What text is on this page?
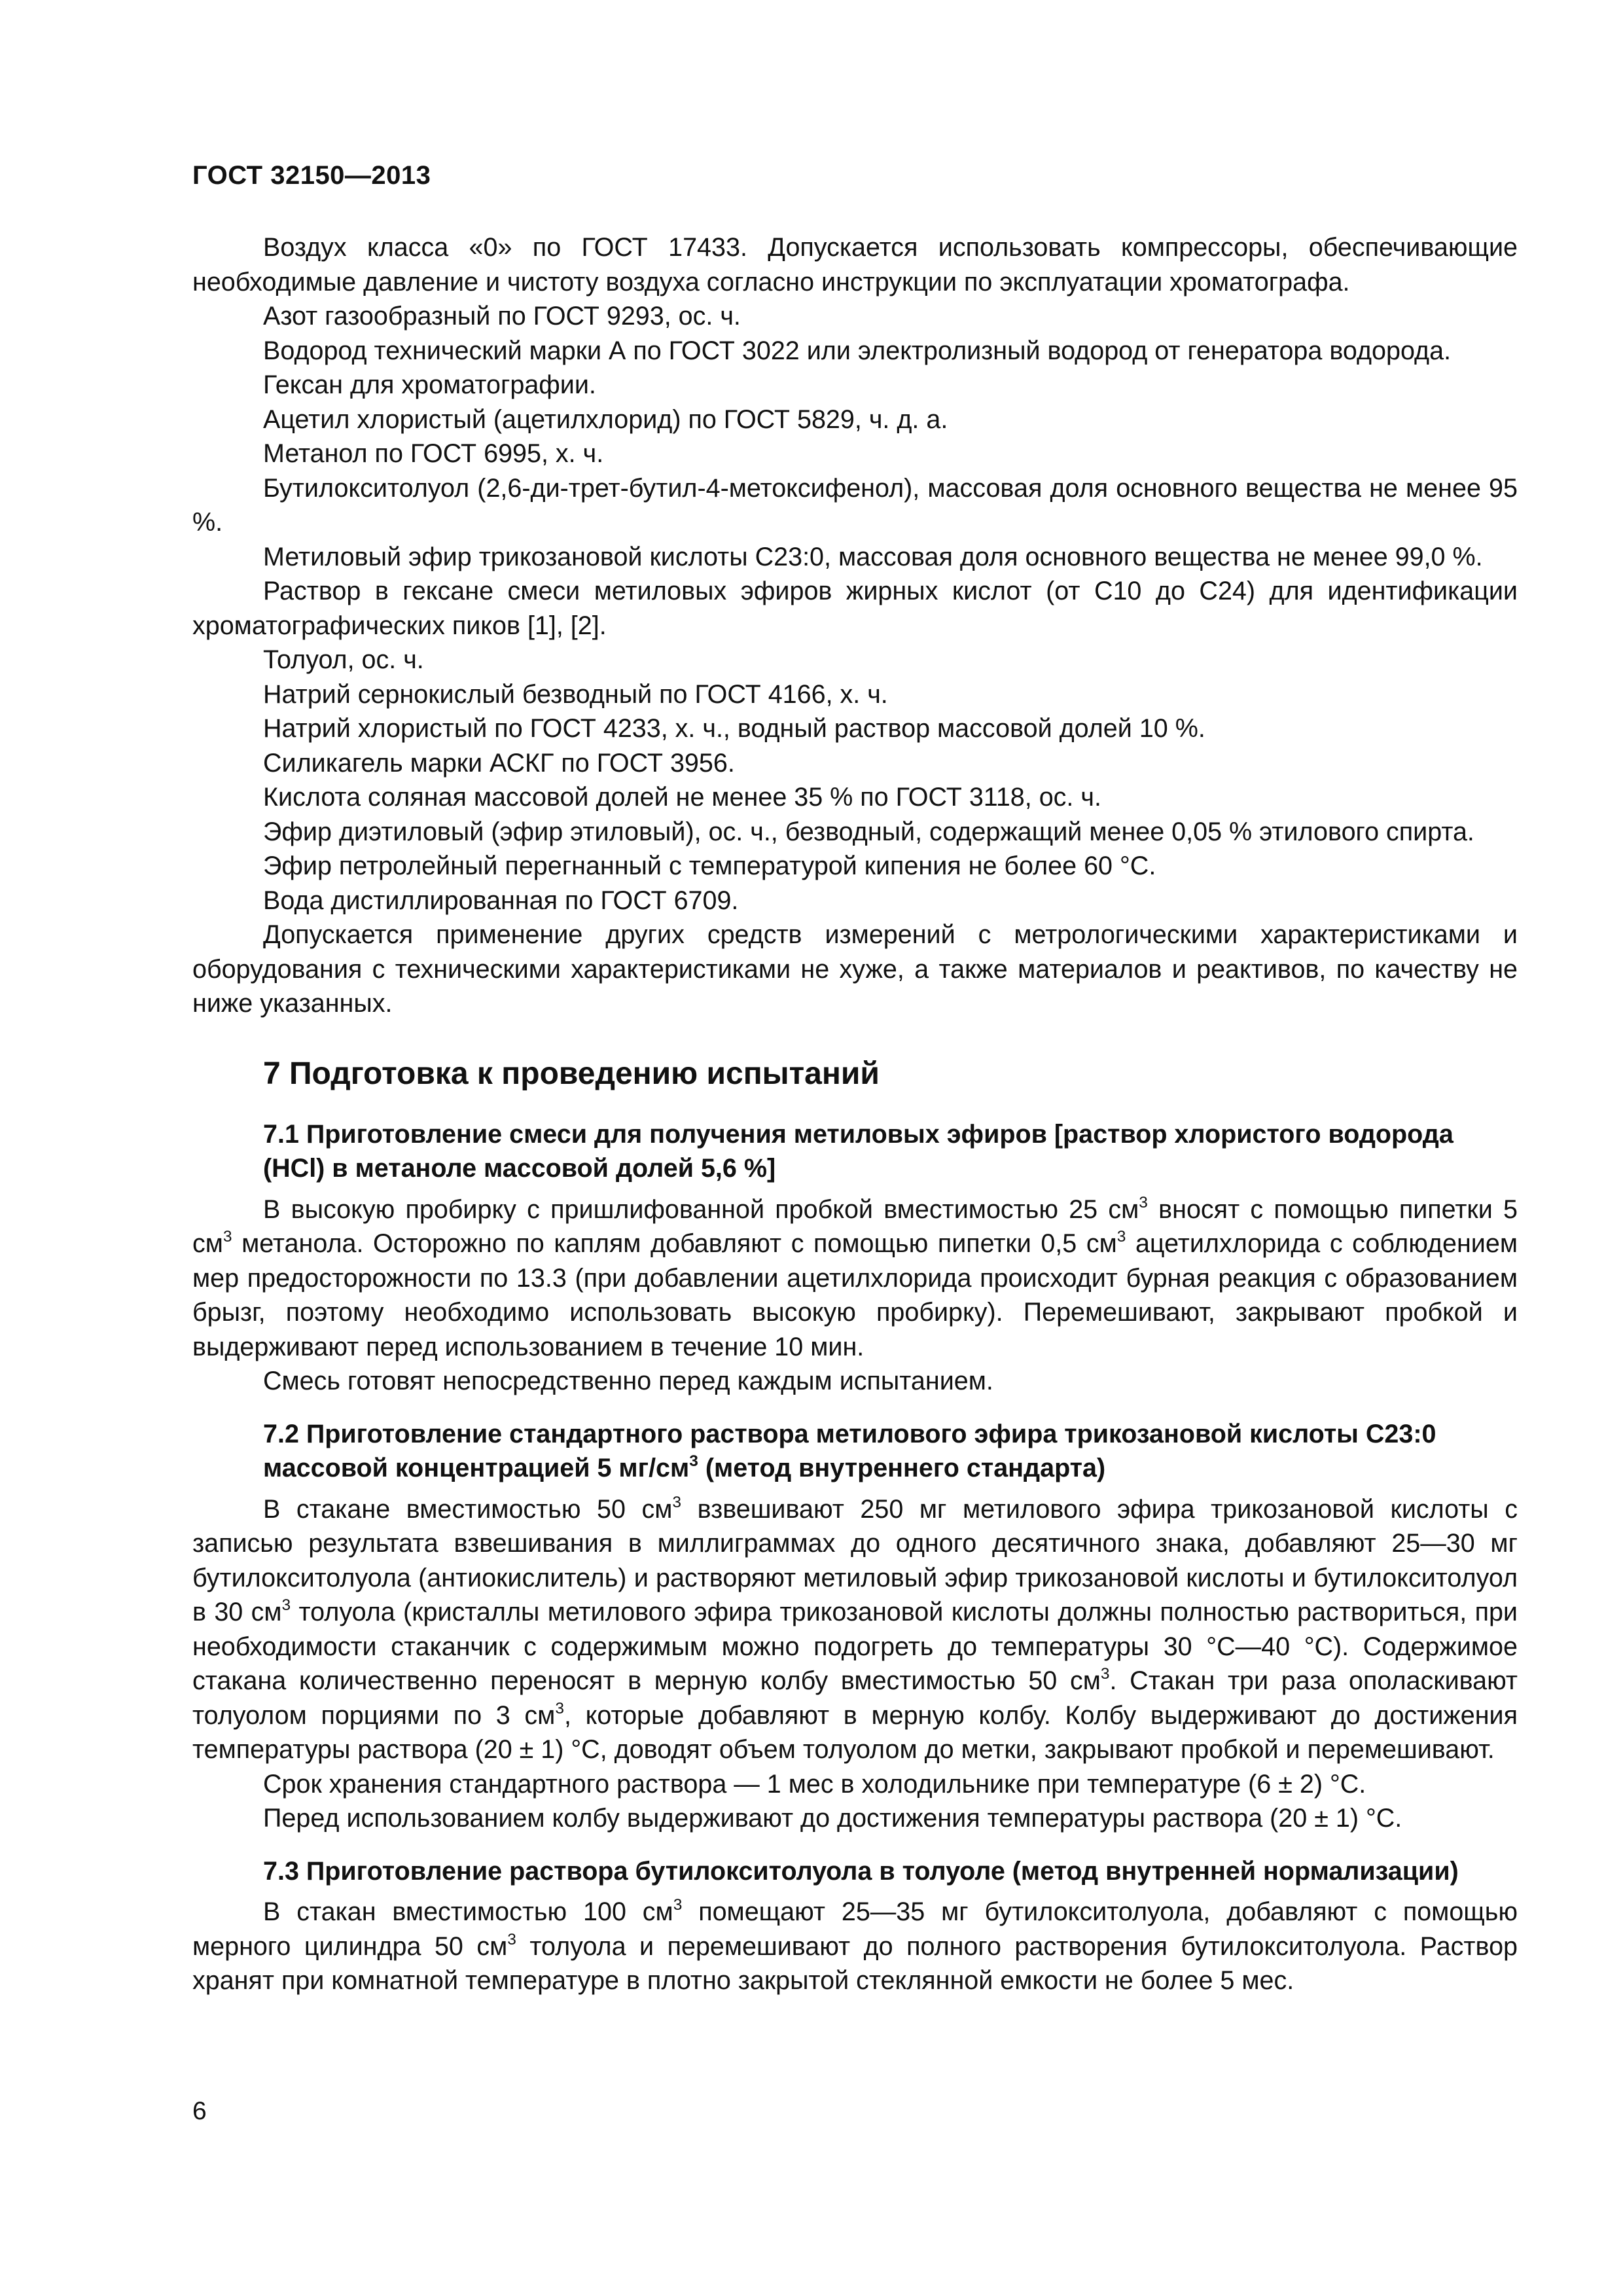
ГОСТ 32150—2013

Воздух класса «0» по ГОСТ 17433. Допускается использовать компрессоры, обеспечивающие необходимые давление и чистоту воздуха согласно инструкции по эксплуатации хроматографа.

Азот газообразный по ГОСТ 9293, ос. ч.

Водород технический марки А по ГОСТ 3022 или электролизный водород от генератора водорода.

Гексан для хроматографии.

Ацетил хлористый (ацетилхлорид) по ГОСТ 5829, ч. д. а.

Метанол по ГОСТ 6995, х. ч.

Бутилокситолуол (2,6-ди-трет-бутил-4-метоксифенол), массовая доля основного вещества не менее 95 %.

Метиловый эфир трикозановой кислоты С23:0, массовая доля основного вещества не менее 99,0 %.

Раствор в гексане смеси метиловых эфиров жирных кислот (от С10 до С24) для идентификации хроматографических пиков [1], [2].

Толуол, ос. ч.

Натрий сернокислый безводный по ГОСТ 4166, х. ч.

Натрий хлористый по ГОСТ 4233, х. ч., водный раствор массовой долей 10 %.

Силикагель марки АСКГ по ГОСТ 3956.

Кислота соляная массовой долей не менее 35 % по ГОСТ 3118, ос. ч.

Эфир диэтиловый (эфир этиловый), ос. ч., безводный, содержащий менее 0,05 % этилового спирта.

Эфир петролейный перегнанный с температурой кипения не более 60 °С.

Вода дистиллированная по ГОСТ 6709.

Допускается применение других средств измерений с метрологическими характеристиками и оборудования с техническими характеристиками не хуже, а также материалов и реактивов, по качеству не ниже указанных.

7 Подготовка к проведению испытаний
7.1 Приготовление смеси для получения метиловых эфиров [раствор хлористого водорода (HCl) в метаноле массовой долей 5,6 %]

В высокую пробирку с пришлифованной пробкой вместимостью 25 $см^3$ вносят с помощью пипетки 5 $см^3$ метанола. Осторожно по каплям добавляют с помощью пипетки 0,5 $см^3$ ацетилхлорида с соблюдением мер предосторожности по 13.3 (при добавлении ацетилхлорида происходит бурная реакция с образованием брызг, поэтому необходимо использовать высокую пробирку). Перемешивают, закрывают пробкой и выдерживают перед использованием в течение 10 мин.

Смесь готовят непосредственно перед каждым испытанием.

7.2 Приготовление стандартного раствора метилового эфира трикозановой кислоты С23:0 массовой концентрацией 5 $мг/см^3$ (метод внутреннего стандарта)

В стакане вместимостью 50 $см^3$ взвешивают 250 мг метилового эфира трикозановой кислоты с записью результата взвешивания в миллиграммах до одного десятичного знака, добавляют 25—30 мг бутилокситолуола (антиокислитель) и растворяют метиловый эфир трикозановой кислоты и бутилокситолуол в 30 $см^3$ толуола (кристаллы метилового эфира трикозановой кислоты должны полностью раствориться, при необходимости стаканчик с содержимым можно подогреть до температуры 30 °С—40 °С). Содержимое стакана количественно переносят в мерную колбу вместимостью 50 $см^3$. Стакан три раза ополаскивают толуолом порциями по 3 $см^3$, которые добавляют в мерную колбу. Колбу выдерживают до достижения температуры раствора (20 ± 1) °С, доводят объем толуолом до метки, закрывают пробкой и перемешивают.

Срок хранения стандартного раствора — 1 мес в холодильнике при температуре (6 ± 2) °С.

Перед использованием колбу выдерживают до достижения температуры раствора (20 ± 1) °С.

7.3 Приготовление раствора бутилокситолуола в толуоле (метод внутренней нормализации)

В стакан вместимостью 100 $см^3$ помещают 25—35 мг бутилокситолуола, добавляют с помощью мерного цилиндра 50 $см^3$ толуола и перемешивают до полного растворения бутилокситолуола. Раствор хранят при комнатной температуре в плотно закрытой стеклянной емкости не более 5 мес.

6
